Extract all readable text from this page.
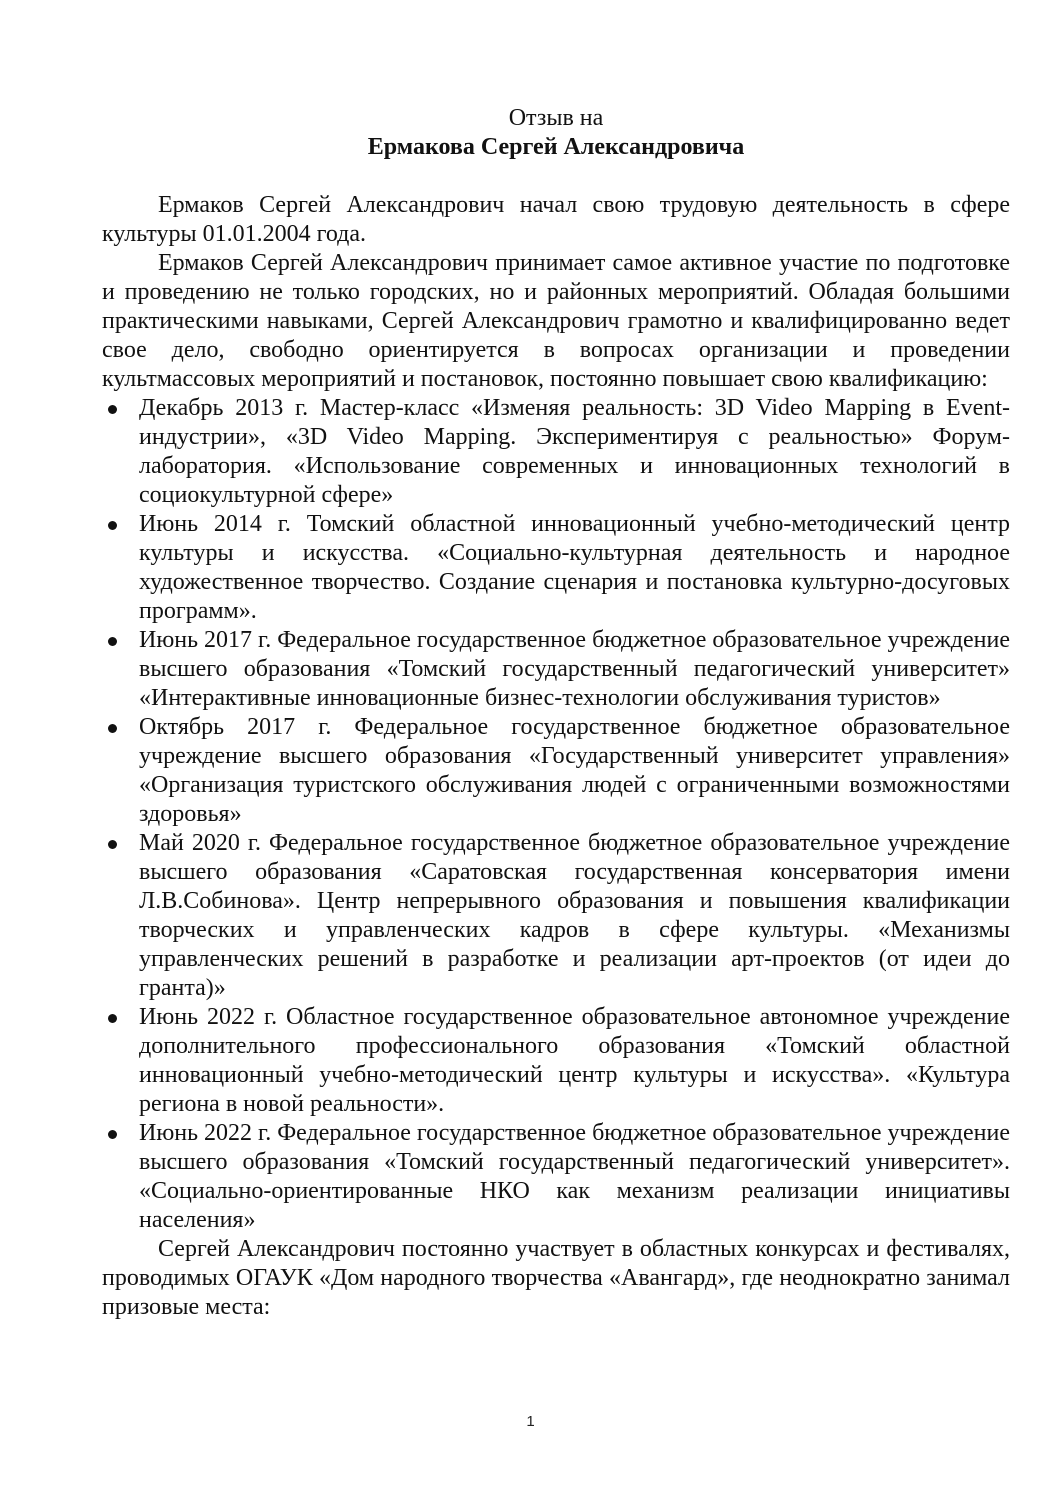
Отзыв на

Ермакова Сергей Александровича

Ермаков Сергей Александрович начал свою трудовую деятельность в сфере культуры 01.01.2004 года.

Ермаков Сергей Александрович принимает самое активное участие по подготовке и проведению не только городских, но и районных мероприятий. Обладая большими практическими навыками, Сергей Александрович грамотно и квалифицированно ведет свое дело, свободно ориентируется в вопросах организации и проведении культмассовых мероприятий и постановок, постоянно повышает свою квалификацию:

Декабрь 2013 г. Мастер-класс «Изменяя реальность: 3D Video Mapping в Event-индустрии», «3D Video Mapping. Экспериментируя с реальностью» Форум-лаборатория. «Использование современных и инновационных технологий в социокультурной сфере»
Июнь 2014 г. Томский областной инновационный учебно-методический центр культуры и искусства. «Социально-культурная деятельность и народное художественное творчество. Создание сценария и постановка культурно-досуговых программ».
Июнь 2017 г. Федеральное государственное бюджетное образовательное учреждение высшего образования «Томский государственный педагогический университет» «Интерактивные инновационные бизнес-технологии обслуживания туристов»
Октябрь 2017 г. Федеральное государственное бюджетное образовательное учреждение высшего образования «Государственный университет управления» «Организация туристского обслуживания людей с ограниченными возможностями здоровья»
Май 2020 г. Федеральное государственное бюджетное образовательное учреждение высшего образования «Саратовская государственная консерватория имени Л.В.Собинова». Центр непрерывного образования и повышения квалификации творческих и управленческих кадров в сфере культуры. «Механизмы управленческих решений в разработке и реализации арт-проектов (от идеи до гранта)»
Июнь 2022 г. Областное государственное образовательное автономное учреждение дополнительного профессионального образования «Томский областной инновационный учебно-методический центр культуры и искусства». «Культура региона в новой реальности».
Июнь 2022 г. Федеральное государственное бюджетное образовательное учреждение высшего образования «Томский государственный педагогический университет». «Социально-ориентированные НКО как механизм реализации инициативы населения»

Сергей Александрович постоянно участвует в областных конкурсах и фестивалях, проводимых ОГАУК «Дом народного творчества «Авангард», где неоднократно занимал призовые места:

1
